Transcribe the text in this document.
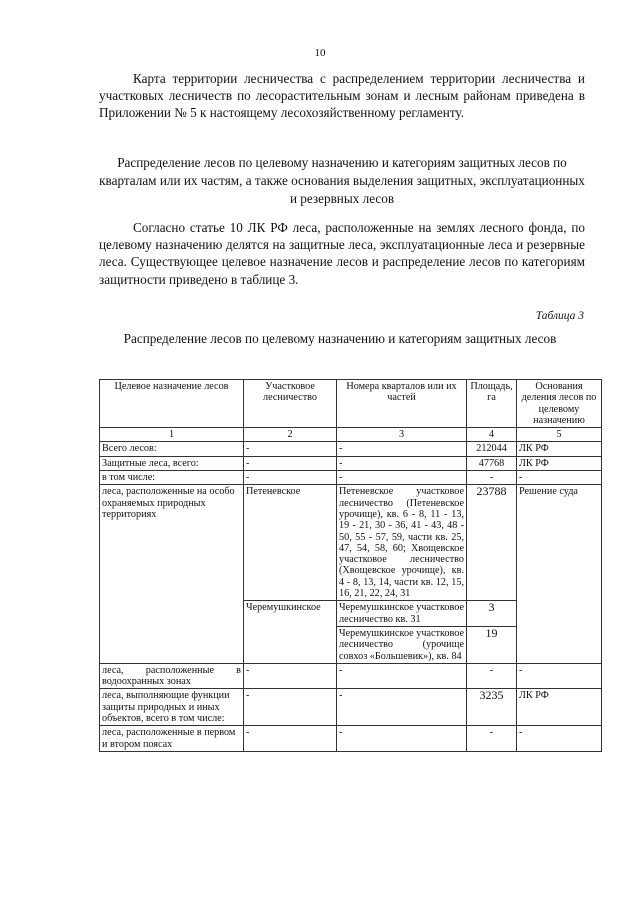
10

Карта территории лесничества с распределением территории лесничества и участковых лесничеств по лесорастительным зонам и лесным районам приведена в Приложении № 5 к настоящему лесохозяйственному регламенту.

Распределение лесов по целевому назначению и категориям защитных лесов по кварталам или их частям, а также основания выделения защитных, эксплуатационных и резервных лесов

Согласно статье 10 ЛК РФ леса, расположенные на землях лесного фонда, по целевому назначению делятся на защитные леса, эксплуатационные леса и резервные леса. Существующее целевое назначение лесов и распределение лесов по категориям защитности приведено в таблице 3.

Таблица 3

Распределение лесов по целевому назначению и категориям защитных лесов

Целевое назначение лесов	Участковое лесничество	Номера кварталов или их частей	Площадь, га	Основания деления лесов по целевому назначению
1	2	3	4	5
Всего лесов:	-	-	212044	ЛК РФ
Защитные леса, всего:	-	-	47768	ЛК РФ
в том числе:	-	-	-	-
леса, расположенные на особо охраняемых природных территориях	Петеневское	Петеневское участковое лесничество (Петеневское урочище), кв. 6 - 8, 11 - 13, 19 - 21, 30 - 36, 41 - 43, 48 - 50, 55 - 57, 59, части кв. 25, 47, 54, 58, 60; Хвощевское участковое лесничество (Хвощевское урочище), кв. 4 - 8, 13, 14, части кв. 12, 15, 16, 21, 22, 24, 31	23788	Решение суда
	Черемушкинское	Черемушкинское участковое лесничество кв. 31	3	
		Черемушкинское участковое лесничество (урочище совхоз «Большевик»), кв. 84	19	
леса, расположенные в водоохранных зонах	-	-	-	-
леса, выполняющие функции защиты природных и иных объектов, всего в том числе:	-	-	3235	ЛК РФ
леса, расположенные в первом и втором поясах	-	-	-	-
